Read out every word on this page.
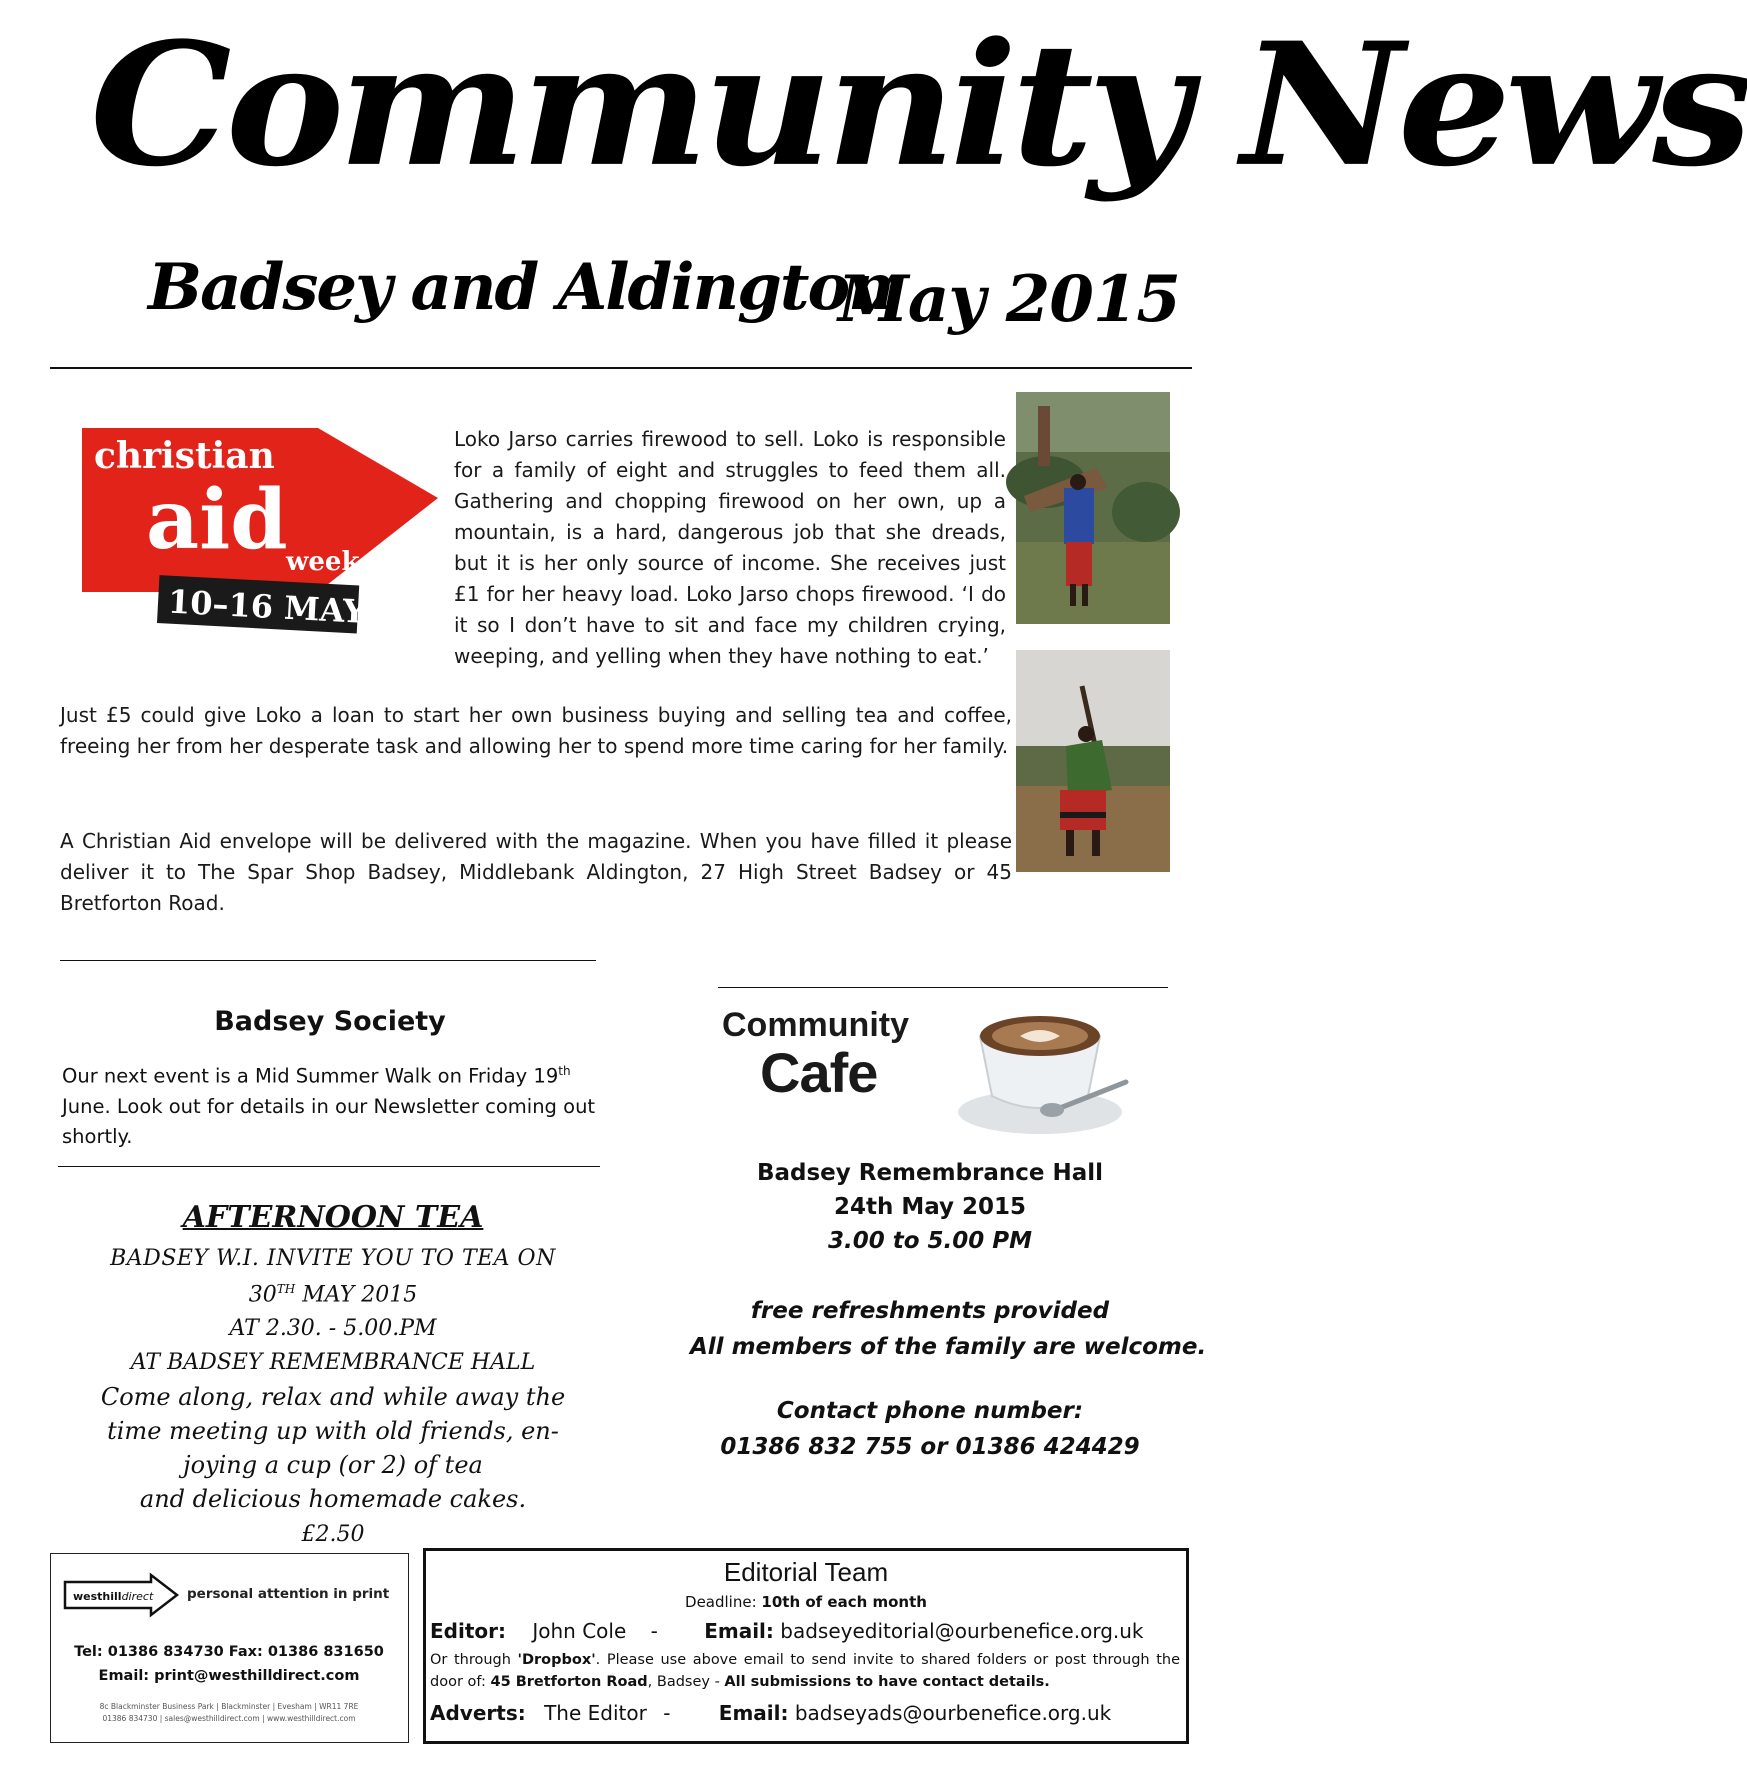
Community News
Badsey and Aldington
May 2015
christian
aid
week
10–16 MAY
Loko Jarso carries firewood to sell. Loko is responsible for a family of eight and struggles to feed them all. Gathering and chopping firewood on her own, up a mountain, is a hard, dangerous job that she dreads, but it is her only source of income. She receives just £1 for her heavy load. Loko Jarso chops firewood. ‘I do it so I don’t have to sit and face my children crying, weeping, and yelling when they have nothing to eat.’
Just £5 could give Loko a loan to start her own business buying and selling tea and coffee, freeing her from her desperate task and allowing her to spend more time caring for her family.
A Christian Aid envelope will be delivered with the magazine. When you have filled it please deliver it to The Spar Shop Badsey, Middlebank Aldington, 27 High Street Badsey or 45 Bretforton Road.
Badsey Society
Our next event is a Mid Summer Walk on Friday 19th June. Look out for details in our Newsletter coming out shortly.
AFTERNOON TEA
BADSEY W.I. INVITE YOU TO TEA ON
30TH MAY 2015
AT 2.30. - 5.00.PM
AT BADSEY REMEMBRANCE HALL
Come along, relax and while away the
time meeting up with old friends, en-
joying a cup (or 2) of tea
and delicious homemade cakes.
£2.50
Community
Cafe
Badsey Remembrance Hall
24th May 2015
3.00 to 5.00 PM
free refreshments provided
All members of the family are welcome.
Contact phone number:
01386 832 755 or 01386 424429
westhilldirect personal attention in print
Tel: 01386 834730 Fax: 01386 831650
Email: print@westhilldirect.com
8c Blackminster Business Park | Blackminster | Evesham | WR11 7RE
01386 834730 | sales@westhilldirect.com | www.westhilldirect.com
Editorial Team
Deadline: 10th of each month
Editor: John Cole - Email: badseyeditorial@ourbenefice.org.uk
Or through 'Dropbox'. Please use above email to send invite to shared folders or post through the door of: 45 Bretforton Road, Badsey - All submissions to have contact details.
Adverts: The Editor - Email: badseyads@ourbenefice.org.uk
